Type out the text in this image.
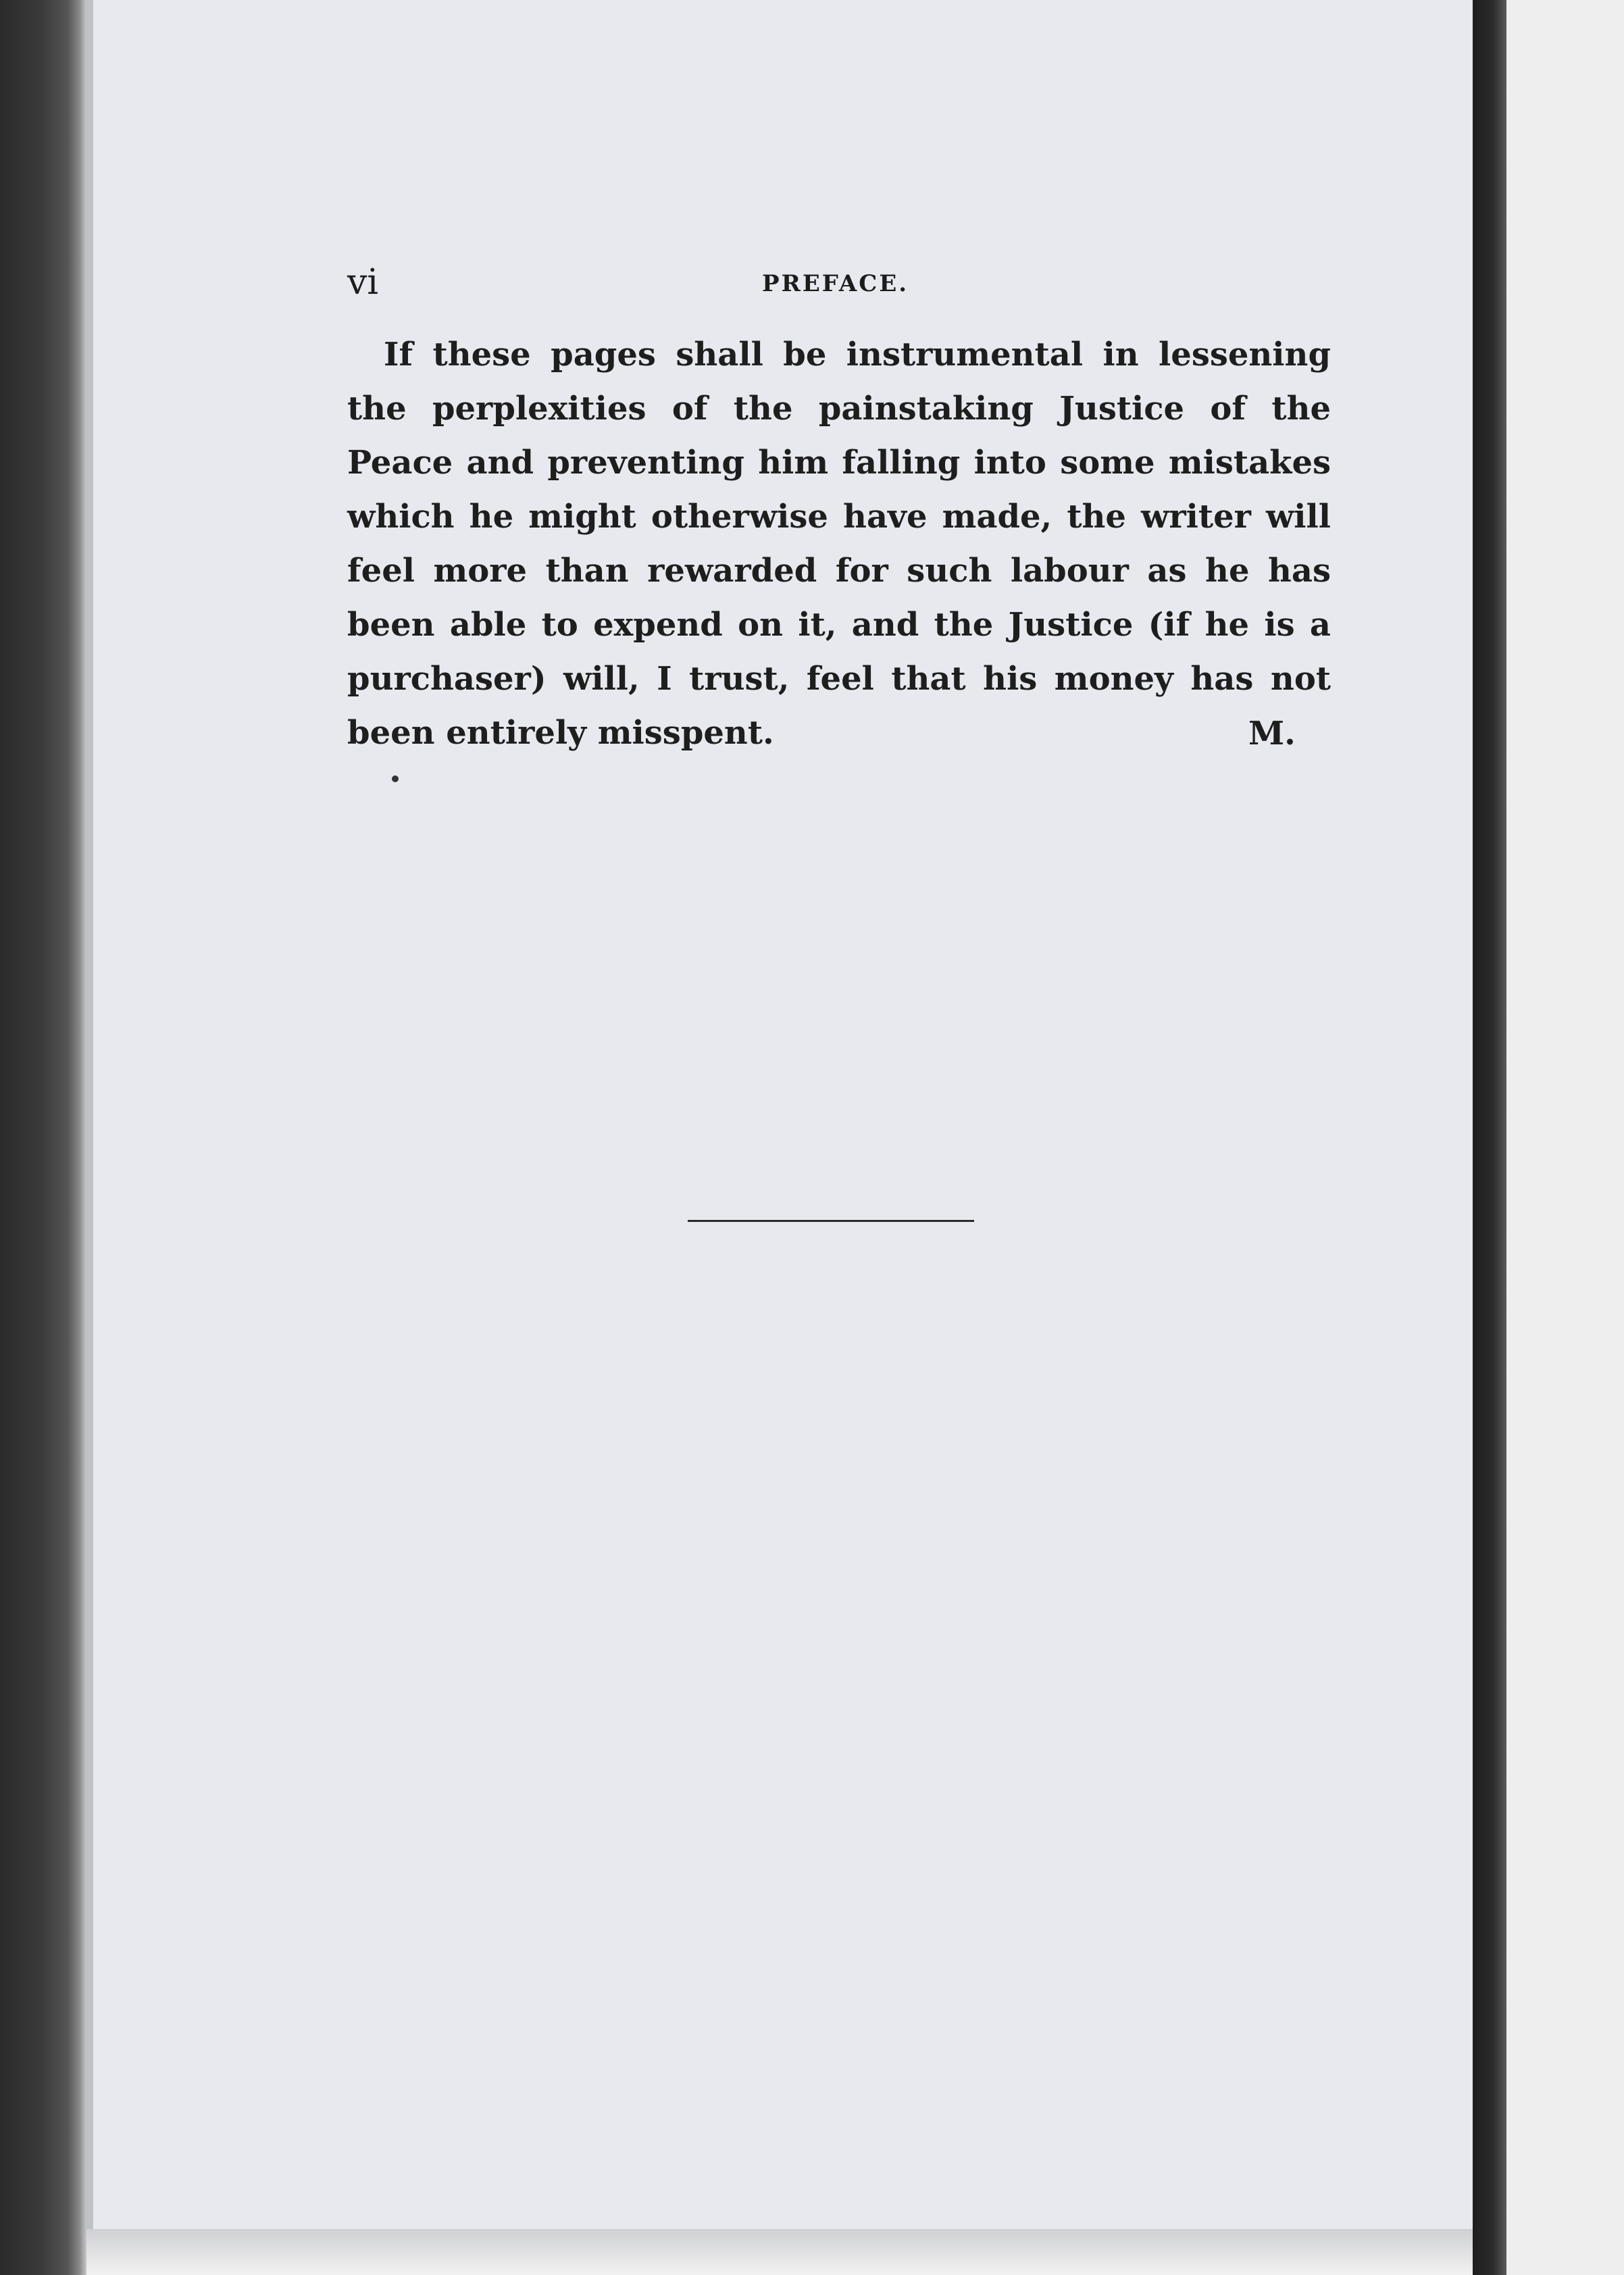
vi	PREFACE.

If these pages shall be instrumental in lessening the perplexities of the painstaking Justice of the Peace and preventing him falling into some mistakes which he might otherwise have made, the writer will feel more than rewarded for such labour as he has been able to expend on it, and the Justice (if he is a purchaser) will, I trust, feel that his money has not been entirely misspent.	M.
